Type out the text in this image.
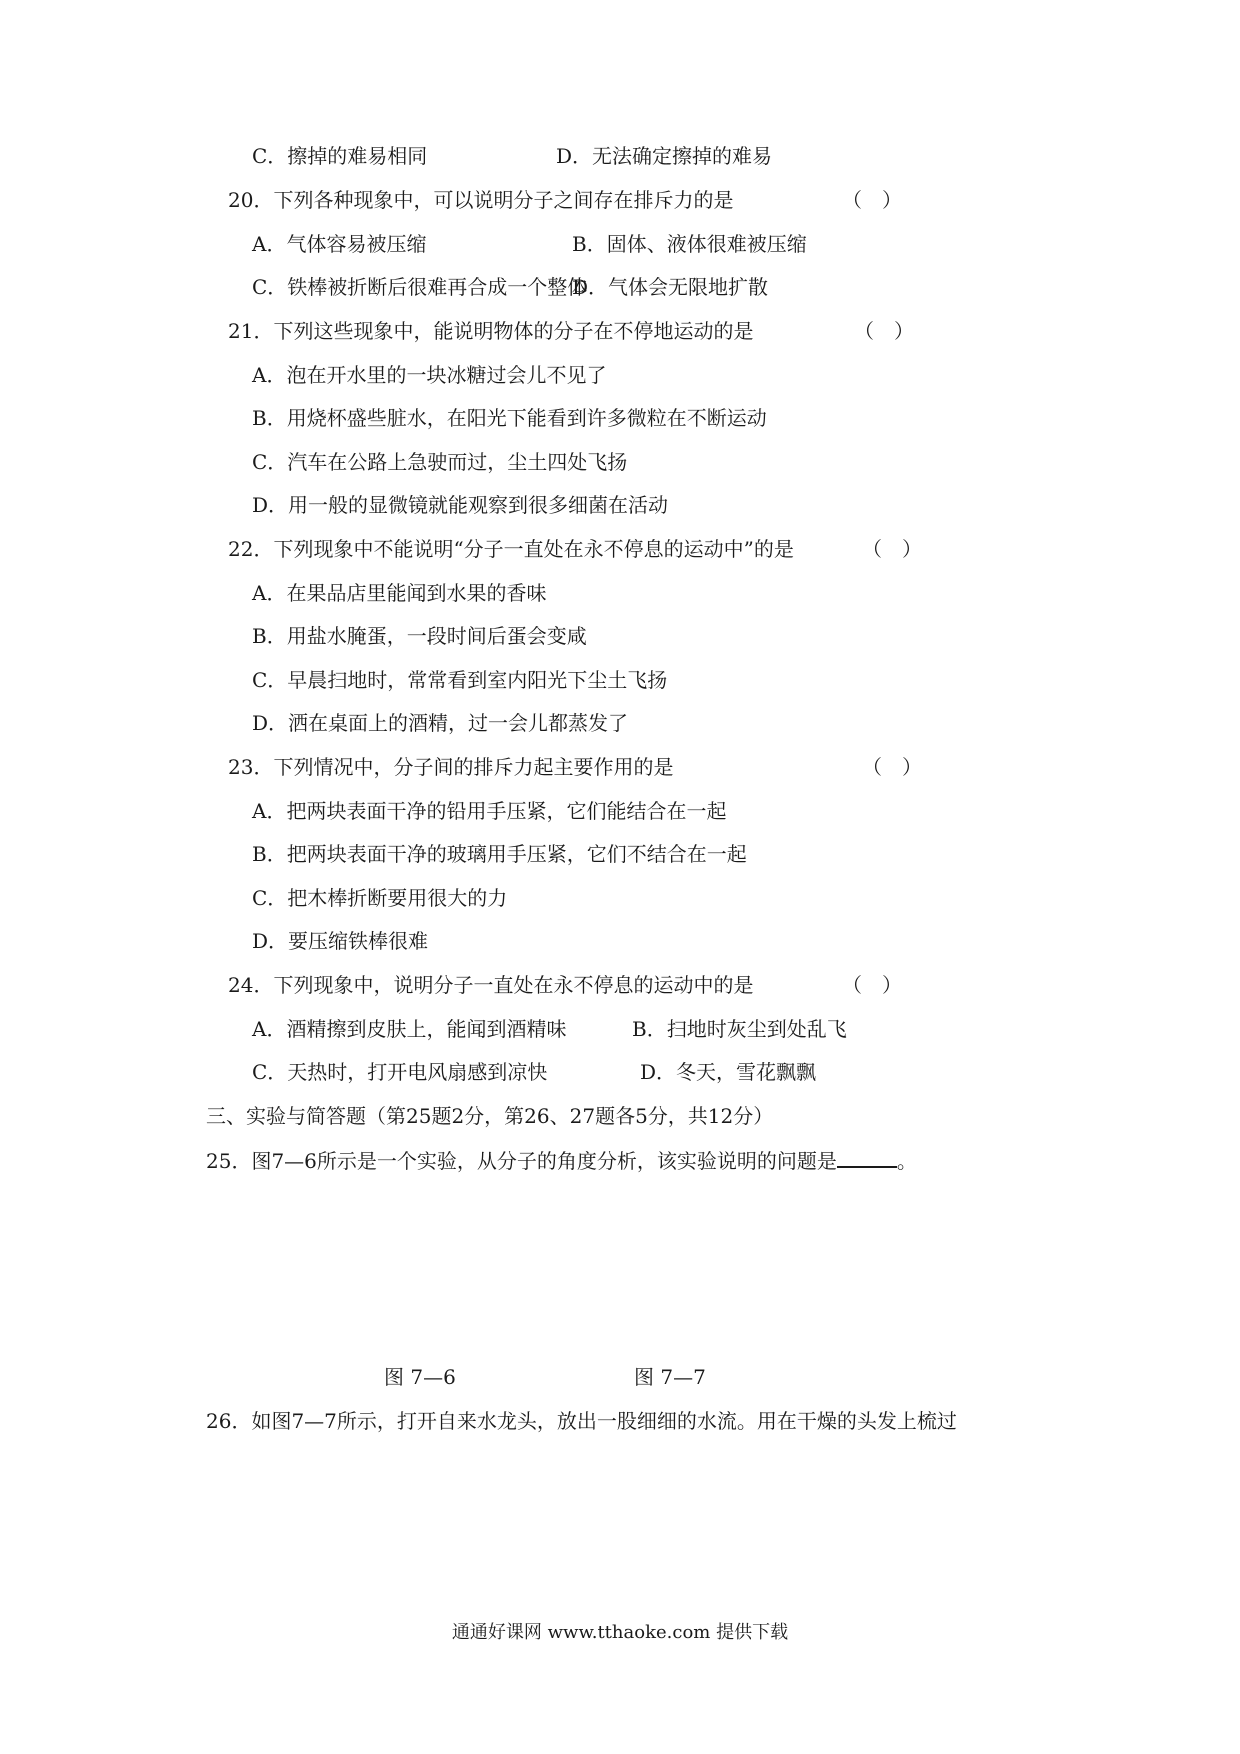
C．擦掉的难易相同	D．无法确定擦掉的难易
20．下列各种现象中，可以说明分子之间存在排斥力的是	（　）
A．气体容易被压缩	B．固体、液体很难被压缩
C．铁棒被折断后很难再合成一个整体
D．气体会无限地扩散
21．下列这些现象中，能说明物体的分子在不停地运动的是	（　）
A．泡在开水里的一块冰糖过会儿不见了
B．用烧杯盛些脏水，在阳光下能看到许多微粒在不断运动
C．汽车在公路上急驶而过，尘土四处飞扬
D．用一般的显微镜就能观察到很多细菌在活动
22．下列现象中不能说明“分子一直处在永不停息的运动中”的是	（　）
A．在果品店里能闻到水果的香味
B．用盐水腌蛋，一段时间后蛋会变咸
C．早晨扫地时，常常看到室内阳光下尘土飞扬
D．洒在桌面上的酒精，过一会儿都蒸发了
23．下列情况中，分子间的排斥力起主要作用的是	（　）
A．把两块表面干净的铅用手压紧，它们能结合在一起
B．把两块表面干净的玻璃用手压紧，它们不结合在一起
C．把木棒折断要用很大的力
D．要压缩铁棒很难
24．下列现象中，说明分子一直处在永不停息的运动中的是	（　）
A．酒精擦到皮肤上，能闻到酒精味	B．扫地时灰尘到处乱飞
C．天热时，打开电风扇感到凉快	D．冬天，雪花飘飘
三、实验与简答题（第25题2分，第26、27题各5分，共12分）
25．图7—6所示是一个实验，从分子的角度分析，该实验说明的问题是	。
图 7—6	图 7—7
26．如图7—7所示，打开自来水龙头，放出一股细细的水流。用在干燥的头发上梳过
通通好课网 www.tthaoke.com 提供下载
